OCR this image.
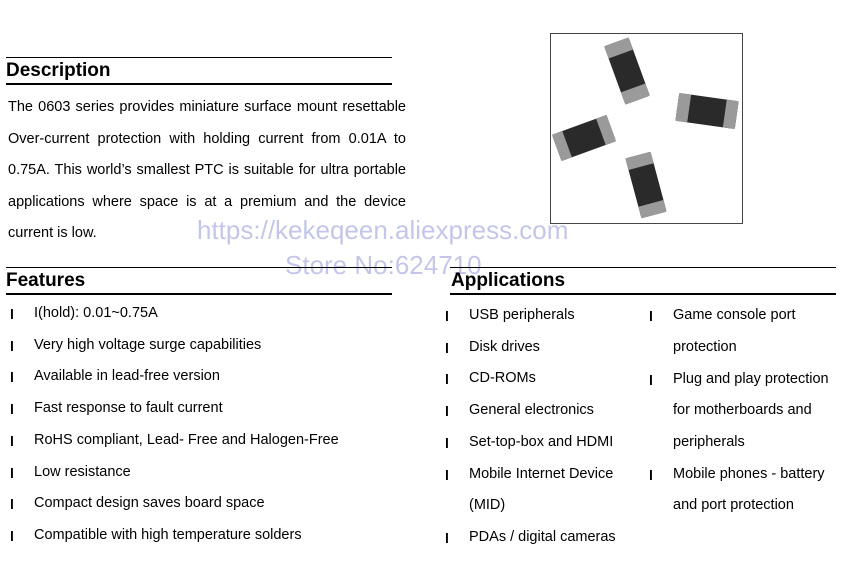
Description
The 0603 series provides miniature surface mount resettable Over-current protection with holding current from 0.01A to 0.75A. This world’s smallest PTC is suitable for ultra portable applications where space is at a premium and the device current is low.	https://kekeqeen.aliexpress.com
Store No:624710
Features
l I(hold): 0.01~0.75A
l Very high voltage surge capabilities
l Available in lead-free version
l Fast response to fault current
l RoHS compliant, Lead- Free and Halogen-Free
l Low resistance
l Compact design saves board space
l Compatible with high temperature solders
Applications
l USB peripherals
l Disk drives
l CD-ROMs
l General electronics
l Set-top-box and HDMI
l Mobile Internet Device (MID)
l PDAs / digital cameras
l Game console port protection
l Plug and play protection for motherboards and peripherals
l Mobile phones - battery and port protection
